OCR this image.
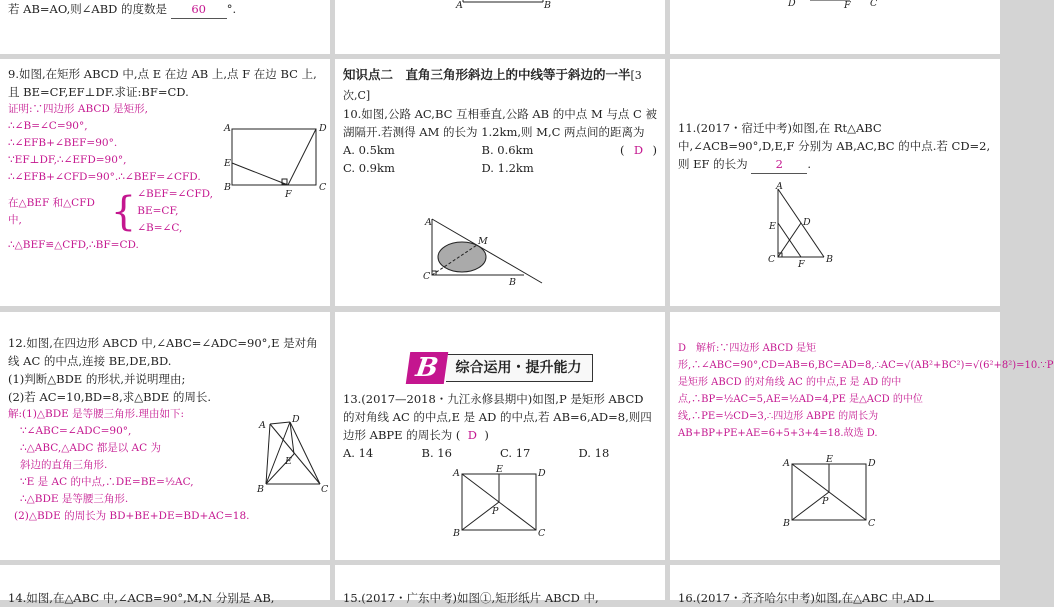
若 AB=AO,则∠ABD 的度数是 60 °.	A	B	D	F C
9.如图,在矩形 ABCD 中,点 E 在边 AB 上,点 F 在边 BC 上,且 BE=CF,EF⊥DF.求证:BF=CD.
证明:∵四边形 ABCD 是矩形,
∴∠B=∠C=90°,
∴∠EFB+∠BEF=90°.
∵EF⊥DF,∴∠EFD=90°,
∴∠EFB+∠CFD=90°.∴∠BEF=∠CFD.
在△BEF 和△CFD 中,	{ ∠BEF=∠CFD,
BE=CF,
∠B=∠C,
∴△BEF≌△CFD,∴BF=CD.
A	D
E
B
F
C
知识点二　直角三角形斜边上的中线等于斜边的一半[3 次,C]
10.如图,公路 AC,BC 互相垂直,公路 AB 的中点 M 与点 C 被湖隔开.若测得 AM 的长为 1.2km,则 M,C 两点间的距离为
( D )
A. 0.5km	B. 0.6km
C. 0.9km	D. 1.2km
A
M
C
B
11.(2017・宿迁中考)如图,在 Rt△ABC 中,∠ACB=90°,D,E,F 分别为 AB,AC,BC 的中点.若 CD=2,则 EF 的长为 2 .
A
D
E
C F B
12.如图,在四边形 ABCD 中,∠ABC=∠ADC=90°,E 是对角线 AC 的中点,连接 BE,DE,BD.
(1)判断△BDE 的形状,并说明理由;
(2)若 AC=10,BD=8,求△BDE 的周长.
解:(1)△BDE 是等腰三角形.理由如下:
∵∠ABC=∠ADC=90°,
∴△ABC,△ADC 都是以 AC 为
斜边的直角三角形.
∵E 是 AC 的中点,∴DE=BE=½AC,
∴△BDE 是等腰三角形.
(2)△BDE 的周长为 BD+BE+DE=BD+AC=18.
A
D
E
B	C
B	综合运用・提升能力
13.(2017—2018・九江永修县期中)如图,P 是矩形 ABCD 的对角线 AC 的中点,E 是 AD 的中点,若 AB=6,AD=8,则四边形 ABPE 的周长为 ( D )
A. 14	B. 16	C. 17	D. 18
A	E	D
P
B	C
D　解析:∵四边形 ABCD 是矩形,∴∠ABC=90°,CD=AB=6,BC=AD=8,∴AC=√(AB²+BC²)=√(6²+8²)=10.∵P 是矩形 ABCD 的对角线 AC 的中点,E 是 AD 的中点,∴BP=½AC=5,AE=½AD=4,PE 是△ACD 的中位线,∴PE=½CD=3,∴四边形 ABPE 的周长为 AB+BP+PE+AE=6+5+3+4=18.故选 D.
A	E	D
P
B	C
14.如图,在△ABC 中,∠ACB=90°,M,N 分别是 AB,	15.(2017・广东中考)如图①,矩形纸片 ABCD 中,	16.(2017・齐齐哈尔中考)如图,在△ABC 中,AD⊥
